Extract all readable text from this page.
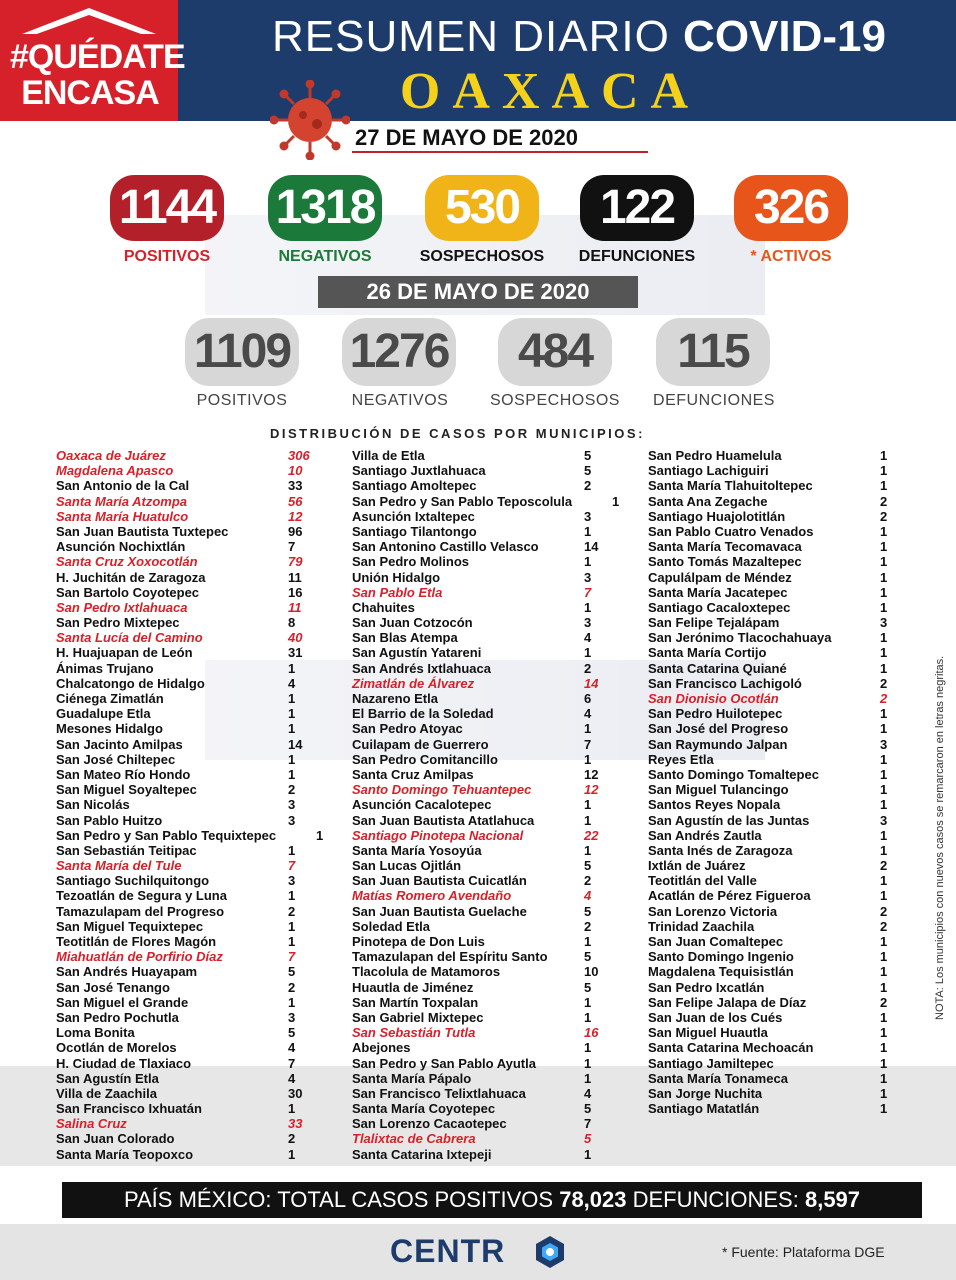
#QUÉDATE
ENCASA
RESUMEN DIARIO COVID-19
OAXACA
27 DE MAYO DE 2020
1144 1318	530	122	326
POSITIVOS	NEGATIVOS	SOSPECHOSOS	DEFUNCIONES	* ACTIVOS
26 DE MAYO DE 2020
1109 1276	484	115
POSITIVOS	NEGATIVOS	SOSPECHOSOS	DEFUNCIONES
DISTRIBUCIÓN DE CASOS POR MUNICIPIOS:
Oaxaca de Juárez	306
Magdalena Apasco	10
San Antonio de la Cal	33
Santa María Atzompa	56
Santa María Huatulco	12
San Juan Bautista Tuxtepec	96
Asunción Nochixtlán	7
Santa Cruz Xoxocotlán	79
H. Juchitán de Zaragoza	11
San Bartolo Coyotepec	16
San Pedro Ixtlahuaca	11
San Pedro Mixtepec	8
Santa Lucía del Camino	40
H. Huajuapan de León	31
Ánimas Trujano	1
Chalcatongo de Hidalgo	4
Ciénega Zimatlán	1
Guadalupe Etla	1
Mesones Hidalgo	1
San Jacinto Amilpas	14
San José Chiltepec	1
San Mateo Río Hondo	1
San Miguel Soyaltepec	2
San Nicolás	3
San Pablo Huitzo	3
San Pedro y San Pablo Tequixtepec	1
San Sebastián Teitipac	1
Santa María del Tule	7
Santiago Suchilquitongo	3
Tezoatlán de Segura y Luna	1
Tamazulapam del Progreso	2
San Miguel Tequixtepec	1
Teotitlán de Flores Magón	1
Miahuatlán de Porfirio Díaz	7
San Andrés Huayapam	5
San José Tenango	2
San Miguel el Grande	1
San Pedro Pochutla	3
Loma Bonita	5
Ocotlán de Morelos	4
H. Ciudad de Tlaxiaco	7
San Agustín Etla	4
Villa de Zaachila	30
San Francisco Ixhuatán	1
Salina Cruz	33
San Juan Colorado	2
Santa María Teopoxco	1
Villa de Etla	5
Santiago Juxtlahuaca	5
Santiago Amoltepec	2
San Pedro y San Pablo Teposcolula	1
Asunción Ixtaltepec	3
Santiago Tilantongo	1
San Antonino Castillo Velasco	14
San Pedro Molinos	1
Unión Hidalgo	3
San Pablo Etla	7
Chahuites	1
San Juan Cotzocón	3
San Blas Atempa	4
San Agustín Yatareni	1
San Andrés Ixtlahuaca	2
Zimatlán de Álvarez	14
Nazareno Etla	6
El Barrio de la Soledad	4
San Pedro Atoyac	1
Cuilapam de Guerrero	7
San Pedro Comitancillo	1
Santa Cruz Amilpas	12
Santo Domingo Tehuantepec	12
Asunción Cacalotepec	1
San Juan Bautista Atatlahuca	1
Santiago Pinotepa Nacional	22
Santa María Yosoyúa	1
San Lucas Ojitlán	5
San Juan Bautista Cuicatlán	2
Matías Romero Avendaño	4
San Juan Bautista Guelache	5
Soledad Etla	2
Pinotepa de Don Luis	1
Tamazulapan del Espíritu Santo	5
Tlacolula de Matamoros	10
Huautla de Jiménez	5
San Martín Toxpalan	1
San Gabriel Mixtepec	1
San Sebastián Tutla	16
Abejones	1
San Pedro y San Pablo Ayutla	1
Santa María Pápalo	1
San Francisco Telixtlahuaca	4
Santa María Coyotepec	5
San Lorenzo Cacaotepec	7
Tlalixtac de Cabrera	5
Santa Catarina Ixtepeji	1
San Pedro Huamelula	1
Santiago Lachiguiri	1
Santa María Tlahuitoltepec	1
Santa Ana Zegache	2
Santiago Huajolotitlán	2
San Pablo Cuatro Venados	1
Santa María Tecomavaca	1
Santo Tomás Mazaltepec	1
Capulálpam de Méndez	1
Santa María Jacatepec	1
Santiago Cacaloxtepec	1
San Felipe Tejalápam	3
San Jerónimo Tlacochahuaya	1
Santa María Cortijo	1
Santa Catarina Quiané	1
San Francisco Lachigoló	2
San Dionisio Ocotlán	2
San Pedro Huilotepec	1
San José del Progreso	1
San Raymundo Jalpan	3
Reyes Etla	1
Santo Domingo Tomaltepec	1
San Miguel Tulancingo	1
Santos Reyes Nopala	1
San Agustín de las Juntas	3
San Andrés Zautla	1
Santa Inés de Zaragoza	1
Ixtlán de Juárez	2
Teotitlán del Valle	1
Acatlán de Pérez Figueroa	1
San Lorenzo Victoria	2
Trinidad Zaachila	2
San Juan Comaltepec	1
Santo Domingo Ingenio	1
Magdalena Tequisistlán	1
San Pedro Ixcatlán	1
San Felipe Jalapa de Díaz	2
San Juan de los Cués	1
San Miguel Huautla	1
Santa Catarina Mechoacán	1
Santiago Jamiltepec	1
Santa María Tonameca	1
San Jorge Nuchita	1
Santiago Matatlán	1
PAÍS MÉXICO: TOTAL CASOS POSITIVOS 78,023 DEFUNCIONES: 8,597
CENTR	* Fuente: Plataforma DGE
NOTA: Los municipios con nuevos casos se remarcaron en letras negritas.
